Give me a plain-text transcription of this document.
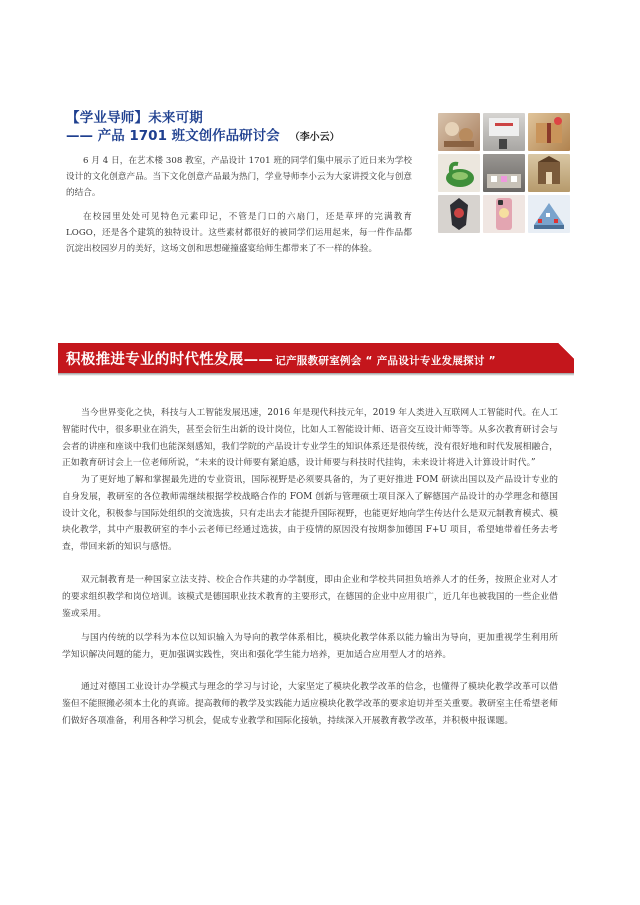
【学业导师】未来可期
—— 产品 1701 班文创作品研讨会 （李小云）
6 月 4 日，在艺术楼 308 教室，产品设计 1701 班的同学们集中展示了近日来为学校设计的文化创意产品。当下文化创意产品最为热门，学业导师李小云为大家讲授文化与创意的结合。
在校园里处处可见特色元素印记，不管是门口的六扇门，还是草坪的完满教育 LOGO，还是各个建筑的独特设计。这些素材都很好的被同学们运用起来，每一件作品都沉淀出校园岁月的美好，这场文创和思想碰撞盛宴给师生都带来了不一样的体验。
积极推进专业的时代性发展—— 记产服教研室例会 “ 产品设计专业发展探讨 ”
当今世界变化之快，科技与人工智能发展迅速，2016 年是现代科技元年，2019 年人类进入互联网人工智能时代。在人工智能时代中，很多职业在消失，甚至会衍生出新的设计岗位，比如人工智能设计师、语音交互设计师等等。从多次教育研讨会与会者的讲座和座谈中我们也能深刻感知，我们学院的产品设计专业学生的知识体系还是很传统，没有很好地和时代发展相融合，正如教育研讨会上一位老师所说，“未来的设计师要有紧迫感，设计师要与科技时代挂钩，未来设计将进入计算设计时代。”
为了更好地了解和掌握最先进的专业资讯，国际视野是必须要具备的，为了更好推进 FOM 研读出国以及产品设计专业的自身发展，教研室的各位教师需继续根据学校战略合作的 FOM 创新与管理硕士项目深入了解德国产品设计的办学理念和德国设计文化，积极参与国际处组织的交流选拔，只有走出去才能提升国际视野，也能更好地向学生传达什么是双元制教育模式、模块化教学，其中产服教研室的李小云老师已经通过选拔，由于疫情的原因没有按期参加德国 F+U 项目，希望她带着任务去考查，带回来新的知识与感悟。
双元制教育是一种国家立法支持、校企合作共建的办学制度，即由企业和学校共同担负培养人才的任务，按照企业对人才的要求组织教学和岗位培训。该模式是德国职业技术教育的主要形式，在德国的企业中应用很广，近几年也被我国的一些企业借鉴或采用。
与国内传统的以学科为本位以知识输入为导向的教学体系相比，模块化教学体系以能力输出为导向，更加重视学生利用所学知识解决问题的能力，更加强调实践性，突出和强化学生能力培养，更加适合应用型人才的培养。
通过对德国工业设计办学模式与理念的学习与讨论，大家坚定了模块化教学改革的信念，也懂得了模块化教学改革可以借鉴但不能照搬必须本土化的真谛。提高教师的教学及实践能力适应模块化教学改革的要求迫切并至关重要。教研室主任希望老师们做好各项准备，利用各种学习机会，促成专业教学和国际化接轨，持续深入开展教育教学改革，并积极申报课题。
